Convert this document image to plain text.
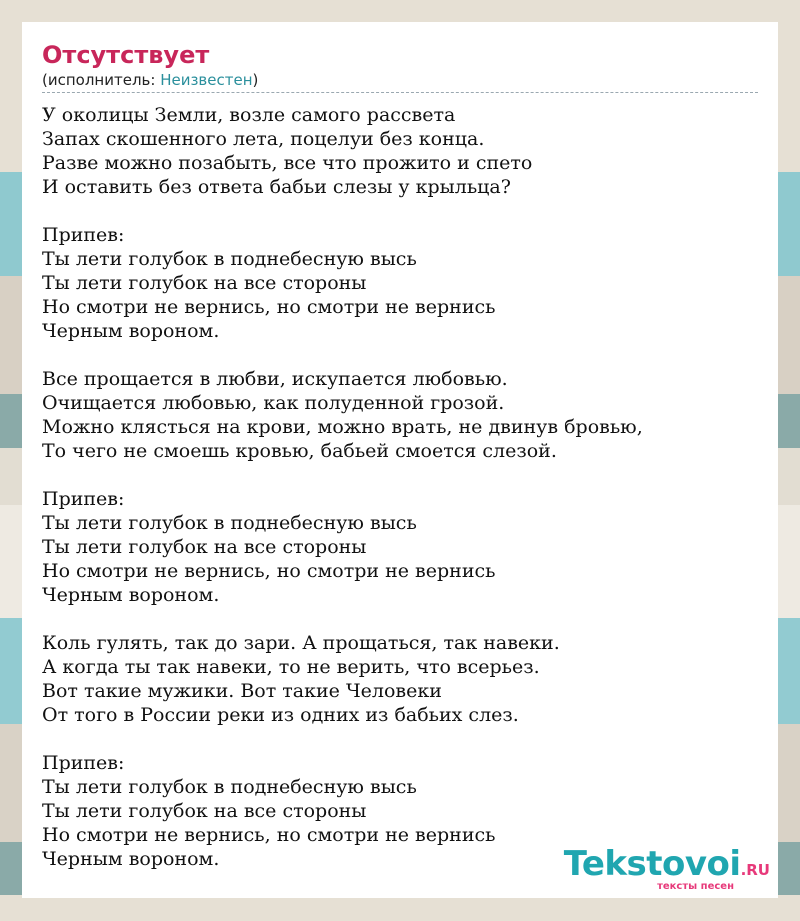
Отсутствует
(исполнитель: Неизвестен)
У околицы Земли, возле самого рассвета
Запах скошенного лета, поцелуи без конца.
Разве можно позабыть, все что прожито и спето
И оставить без ответа бабьи слезы у крыльца?
Припев:
Ты лети голубок в поднебесную высь
Ты лети голубок на все стороны
Но смотри не вернись, но смотри не вернись
Черным вороном.
Все прощается в любви, искупается любовью.
Очищается любовью, как полуденной грозой.
Можно клясться на крови, можно врать, не двинув бровью,
То чего не смоешь кровью, бабьей смоется слезой.
Припев:
Ты лети голубок в поднебесную высь
Ты лети голубок на все стороны
Но смотри не вернись, но смотри не вернись
Черным вороном.
Коль гулять, так до зари. А прощаться, так навеки.
А когда ты так навеки, то не верить, что всерьез.
Вот такие мужики. Вот такие Человеки
От того в России реки из одних из бабьих слез.
Припев:
Ты лети голубок в поднебесную высь
Ты лети голубок на все стороны
Но смотри не вернись, но смотри не вернись
Черным вороном.	Tekstovoi.RU
тексты песен
